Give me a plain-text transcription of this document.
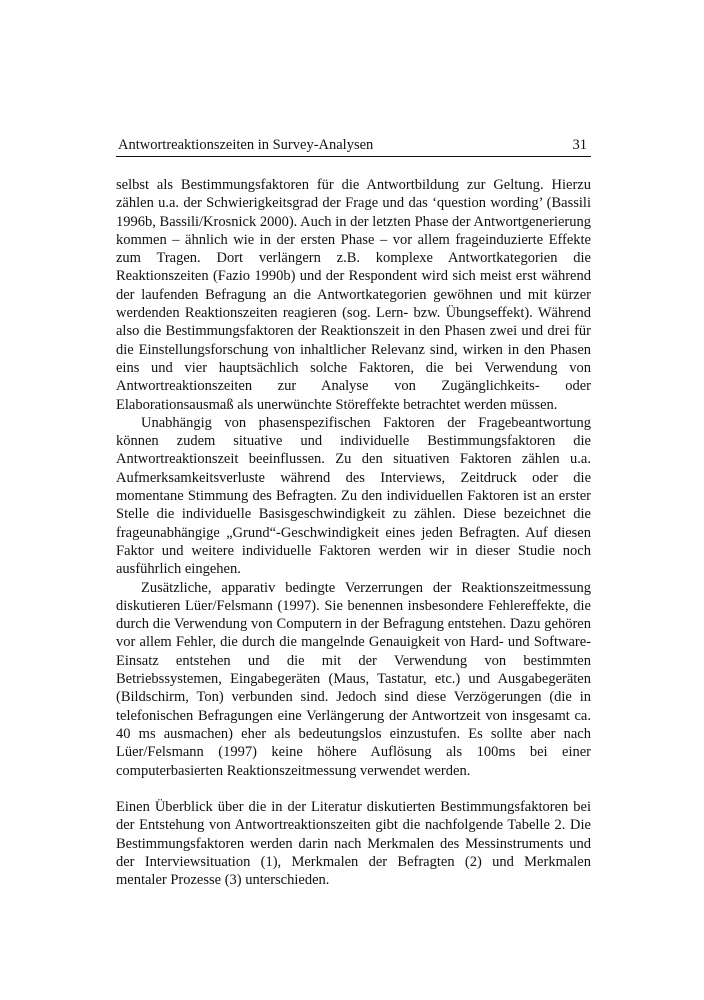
Antwortreaktionszeiten in Survey-Analysen	31

selbst als Bestimmungsfaktoren für die Antwortbildung zur Geltung. Hierzu zählen u.a. der Schwierigkeitsgrad der Frage und das ‘question wording’ (Bassili 1996b, Bassili/Krosnick 2000). Auch in der letzten Phase der Antwortgenerierung kommen – ähnlich wie in der ersten Phase – vor allem frageinduzierte Effekte zum Tragen. Dort verlängern z.B. komplexe Antwortkategorien die Reaktionszeiten (Fazio 1990b) und der Respondent wird sich meist erst während der laufenden Befragung an die Antwortkategorien gewöhnen und mit kürzer werdenden Reaktionszeiten reagieren (sog. Lern- bzw. Übungseffekt). Während also die Bestimmungsfaktoren der Reaktionszeit in den Phasen zwei und drei für die Einstellungsforschung von inhaltlicher Relevanz sind, wirken in den Phasen eins und vier hauptsächlich solche Faktoren, die bei Verwendung von Antwortreaktionszeiten zur Analyse von Zugänglichkeits- oder Elaborationsausmaß als unerwünchte Störeffekte betrachtet werden müssen.

Unabhängig von phasenspezifischen Faktoren der Fragebeantwortung können zudem situative und individuelle Bestimmungsfaktoren die Antwortreaktionszeit beeinflussen. Zu den situativen Faktoren zählen u.a. Aufmerksamkeitsverluste während des Interviews, Zeitdruck oder die momentane Stimmung des Befragten. Zu den individuellen Faktoren ist an erster Stelle die individuelle Basisgeschwindigkeit zu zählen. Diese bezeichnet die frageunabhängige „Grund“-Geschwindigkeit eines jeden Befragten. Auf diesen Faktor und weitere individuelle Faktoren werden wir in dieser Studie noch ausführlich eingehen.

Zusätzliche, apparativ bedingte Verzerrungen der Reaktionszeitmessung diskutieren Lüer/Felsmann (1997). Sie benennen insbesondere Fehlereffekte, die durch die Verwendung von Computern in der Befragung entstehen. Dazu gehören vor allem Fehler, die durch die mangelnde Genauigkeit von Hard- und Software-Einsatz entstehen und die mit der Verwendung von bestimmten Betriebssystemen, Eingabegeräten (Maus, Tastatur, etc.) und Ausgabegeräten (Bildschirm, Ton) verbunden sind. Jedoch sind diese Verzögerungen (die in telefonischen Befragungen eine Verlängerung der Antwortzeit von insgesamt ca. 40 ms ausmachen) eher als bedeutungslos einzustufen. Es sollte aber nach Lüer/Felsmann (1997) keine höhere Auflösung als 100ms bei einer computerbasierten Reaktionszeitmessung verwendet werden.

Einen Überblick über die in der Literatur diskutierten Bestimmungsfaktoren bei der Entstehung von Antwortreaktionszeiten gibt die nachfolgende Tabelle 2. Die Bestimmungsfaktoren werden darin nach Merkmalen des Messinstruments und der Interviewsituation (1), Merkmalen der Befragten (2) und Merkmalen mentaler Prozesse (3) unterschieden.
